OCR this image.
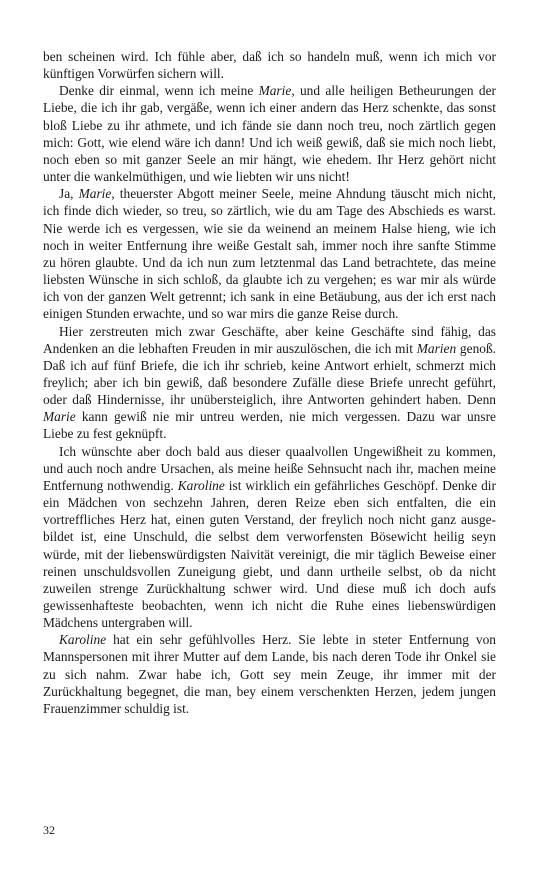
ben scheinen wird. Ich fühle aber, daß ich so handeln muß, wenn ich mich vor künftigen Vorwürfen sichern will.

Denke dir einmal, wenn ich meine Marie, und alle heiligen Betheurungen der Liebe, die ich ihr gab, vergäße, wenn ich einer andern das Herz schenkte, das sonst bloß Liebe zu ihr athmete, und ich fände sie dann noch treu, noch zärtlich gegen mich: Gott, wie elend wäre ich dann! Und ich weiß gewiß, daß sie mich noch liebt, noch eben so mit ganzer Seele an mir hängt, wie ehedem. Ihr Herz gehört nicht unter die wankelmüthigen, und wie liebten wir uns nicht!

Ja, Marie, theuerster Abgott meiner Seele, meine Ahndung täuscht mich nicht, ich finde dich wieder, so treu, so zärtlich, wie du am Tage des Abschieds es warst. Nie werde ich es vergessen, wie sie da weinend an meinem Halse hieng, wie ich noch in weiter Entfernung ihre weiße Gestalt sah, immer noch ihre sanfte Stimme zu hören glaubte. Und da ich nun zum letztenmal das Land betrachtete, das meine liebsten Wünsche in sich schloß, da glaubte ich zu vergehen; es war mir als würde ich von der ganzen Welt getrennt; ich sank in eine Betäubung, aus der ich erst nach einigen Stunden erwachte, und so war mirs die ganze Reise durch.

Hier zerstreuten mich zwar Geschäfte, aber keine Geschäfte sind fähig, das Andenken an die lebhaften Freuden in mir auszulöschen, die ich mit Marien genoß. Daß ich auf fünf Briefe, die ich ihr schrieb, keine Antwort erhielt, schmerzt mich freylich; aber ich bin gewiß, daß besondere Zufälle diese Briefe unrecht geführt, oder daß Hindernisse, ihr unübersteiglich, ihre Antworten gehindert haben. Denn Marie kann gewiß nie mir untreu werden, nie mich vergessen. Dazu war unsre Liebe zu fest geknüpft.

Ich wünschte aber doch bald aus dieser quaalvollen Ungewißheit zu kommen, und auch noch andre Ursachen, als meine heiße Sehnsucht nach ihr, machen meine Entfernung nothwendig. Karoline ist wirklich ein gefährliches Geschöpf. Denke dir ein Mädchen von sechzehn Jahren, deren Reize eben sich entfalten, die ein vortreffliches Herz hat, einen guten Verstand, der freylich noch nicht ganz ausgebildet ist, eine Unschuld, die selbst dem verworfensten Bösewicht heilig seyn würde, mit der liebenswürdigsten Naivität vereinigt, die mir täglich Beweise einer reinen unschuldsvollen Zuneigung giebt, und dann urtheile selbst, ob da nicht zuweilen strenge Zurückhaltung schwer wird. Und diese muß ich doch aufs gewissenhafteste beobachten, wenn ich nicht die Ruhe eines liebenswürdigen Mädchens untergraben will.

Karoline hat ein sehr gefühlvolles Herz. Sie lebte in steter Entfernung von Mannspersonen mit ihrer Mutter auf dem Lande, bis nach deren Tode ihr Onkel sie zu sich nahm. Zwar habe ich, Gott sey mein Zeuge, ihr immer mit der Zurückhaltung begegnet, die man, bey einem verschenkten Herzen, jedem jungen Frauenzimmer schuldig ist.

32
